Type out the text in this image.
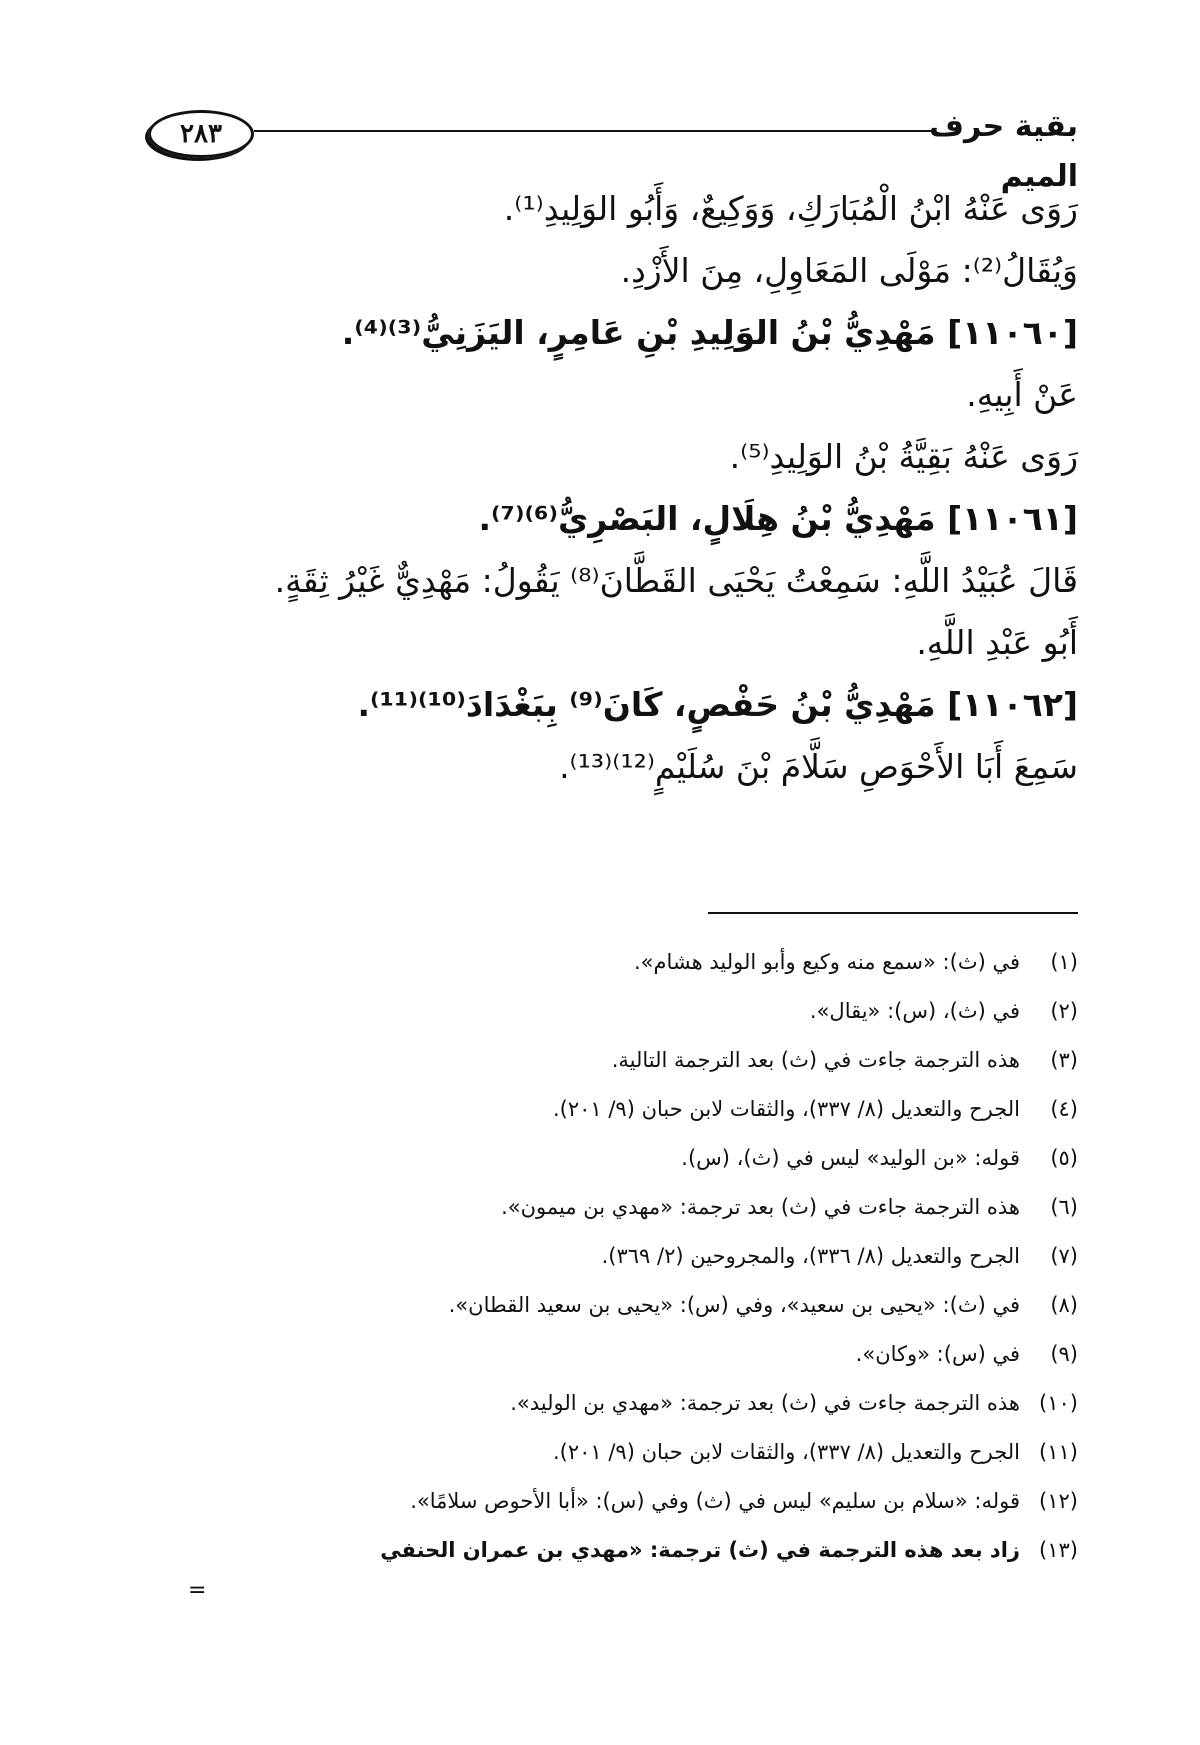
٢٨٣	بقية حرف الميم
رَوَى عَنْهُ ابْنُ الْمُبَارَكِ، وَوَكِيعٌ، وَأَبُو الوَلِيدِ⁽¹⁾.
وَيُقَالُ⁽²⁾: مَوْلَى المَعَاوِلِ، مِنَ الأَزْدِ.
[١١٠٦٠] مَهْدِيُّ بْنُ الوَلِيدِ بْنِ عَامِرٍ، اليَزَنِيُّ⁽³⁾⁽⁴⁾.
عَنْ أَبِيهِ.
رَوَى عَنْهُ بَقِيَّةُ بْنُ الوَلِيدِ⁽⁵⁾.
[١١٠٦١] مَهْدِيُّ بْنُ هِلَالٍ، البَصْرِيُّ⁽⁶⁾⁽⁷⁾.
قَالَ عُبَيْدُ اللَّهِ: سَمِعْتُ يَحْيَى القَطَّانَ⁽⁸⁾ يَقُولُ: مَهْدِيٌّ غَيْرُ ثِقَةٍ.
أَبُو عَبْدِ اللَّهِ.
[١١٠٦٢] مَهْدِيُّ بْنُ حَفْصٍ، كَانَ⁽⁹⁾ بِبَغْدَادَ⁽¹⁰⁾⁽¹¹⁾.
سَمِعَ أَبَا الأَحْوَصِ سَلَّامَ بْنَ سُلَيْمٍ⁽¹²⁾⁽¹³⁾.
(١)في (ث): «سمع منه وكيع وأبو الوليد هشام».
(٢)في (ث)، (س): «يقال».
(٣)هذه الترجمة جاءت في (ث) بعد الترجمة التالية.
(٤)الجرح والتعديل (٨/ ٣٣٧)، والثقات لابن حبان (٩/ ٢٠١).
(٥)قوله: «بن الوليد» ليس في (ث)، (س).
(٦)هذه الترجمة جاءت في (ث) بعد ترجمة: «مهدي بن ميمون».
(٧)الجرح والتعديل (٨/ ٣٣٦)، والمجروحين (٢/ ٣٦٩).
(٨)في (ث): «يحيى بن سعيد»، وفي (س): «يحيى بن سعيد القطان».
(٩)في (س): «وكان».
(١٠)هذه الترجمة جاءت في (ث) بعد ترجمة: «مهدي بن الوليد».
(١١)الجرح والتعديل (٨/ ٣٣٧)، والثقات لابن حبان (٩/ ٢٠١).
(١٢)قوله: «سلام بن سليم» ليس في (ث) وفي (س): «أبا الأحوص سلامًا».
(١٣)زاد بعد هذه الترجمة في (ث) ترجمة: «مهدي بن عمران الحنفي
=
